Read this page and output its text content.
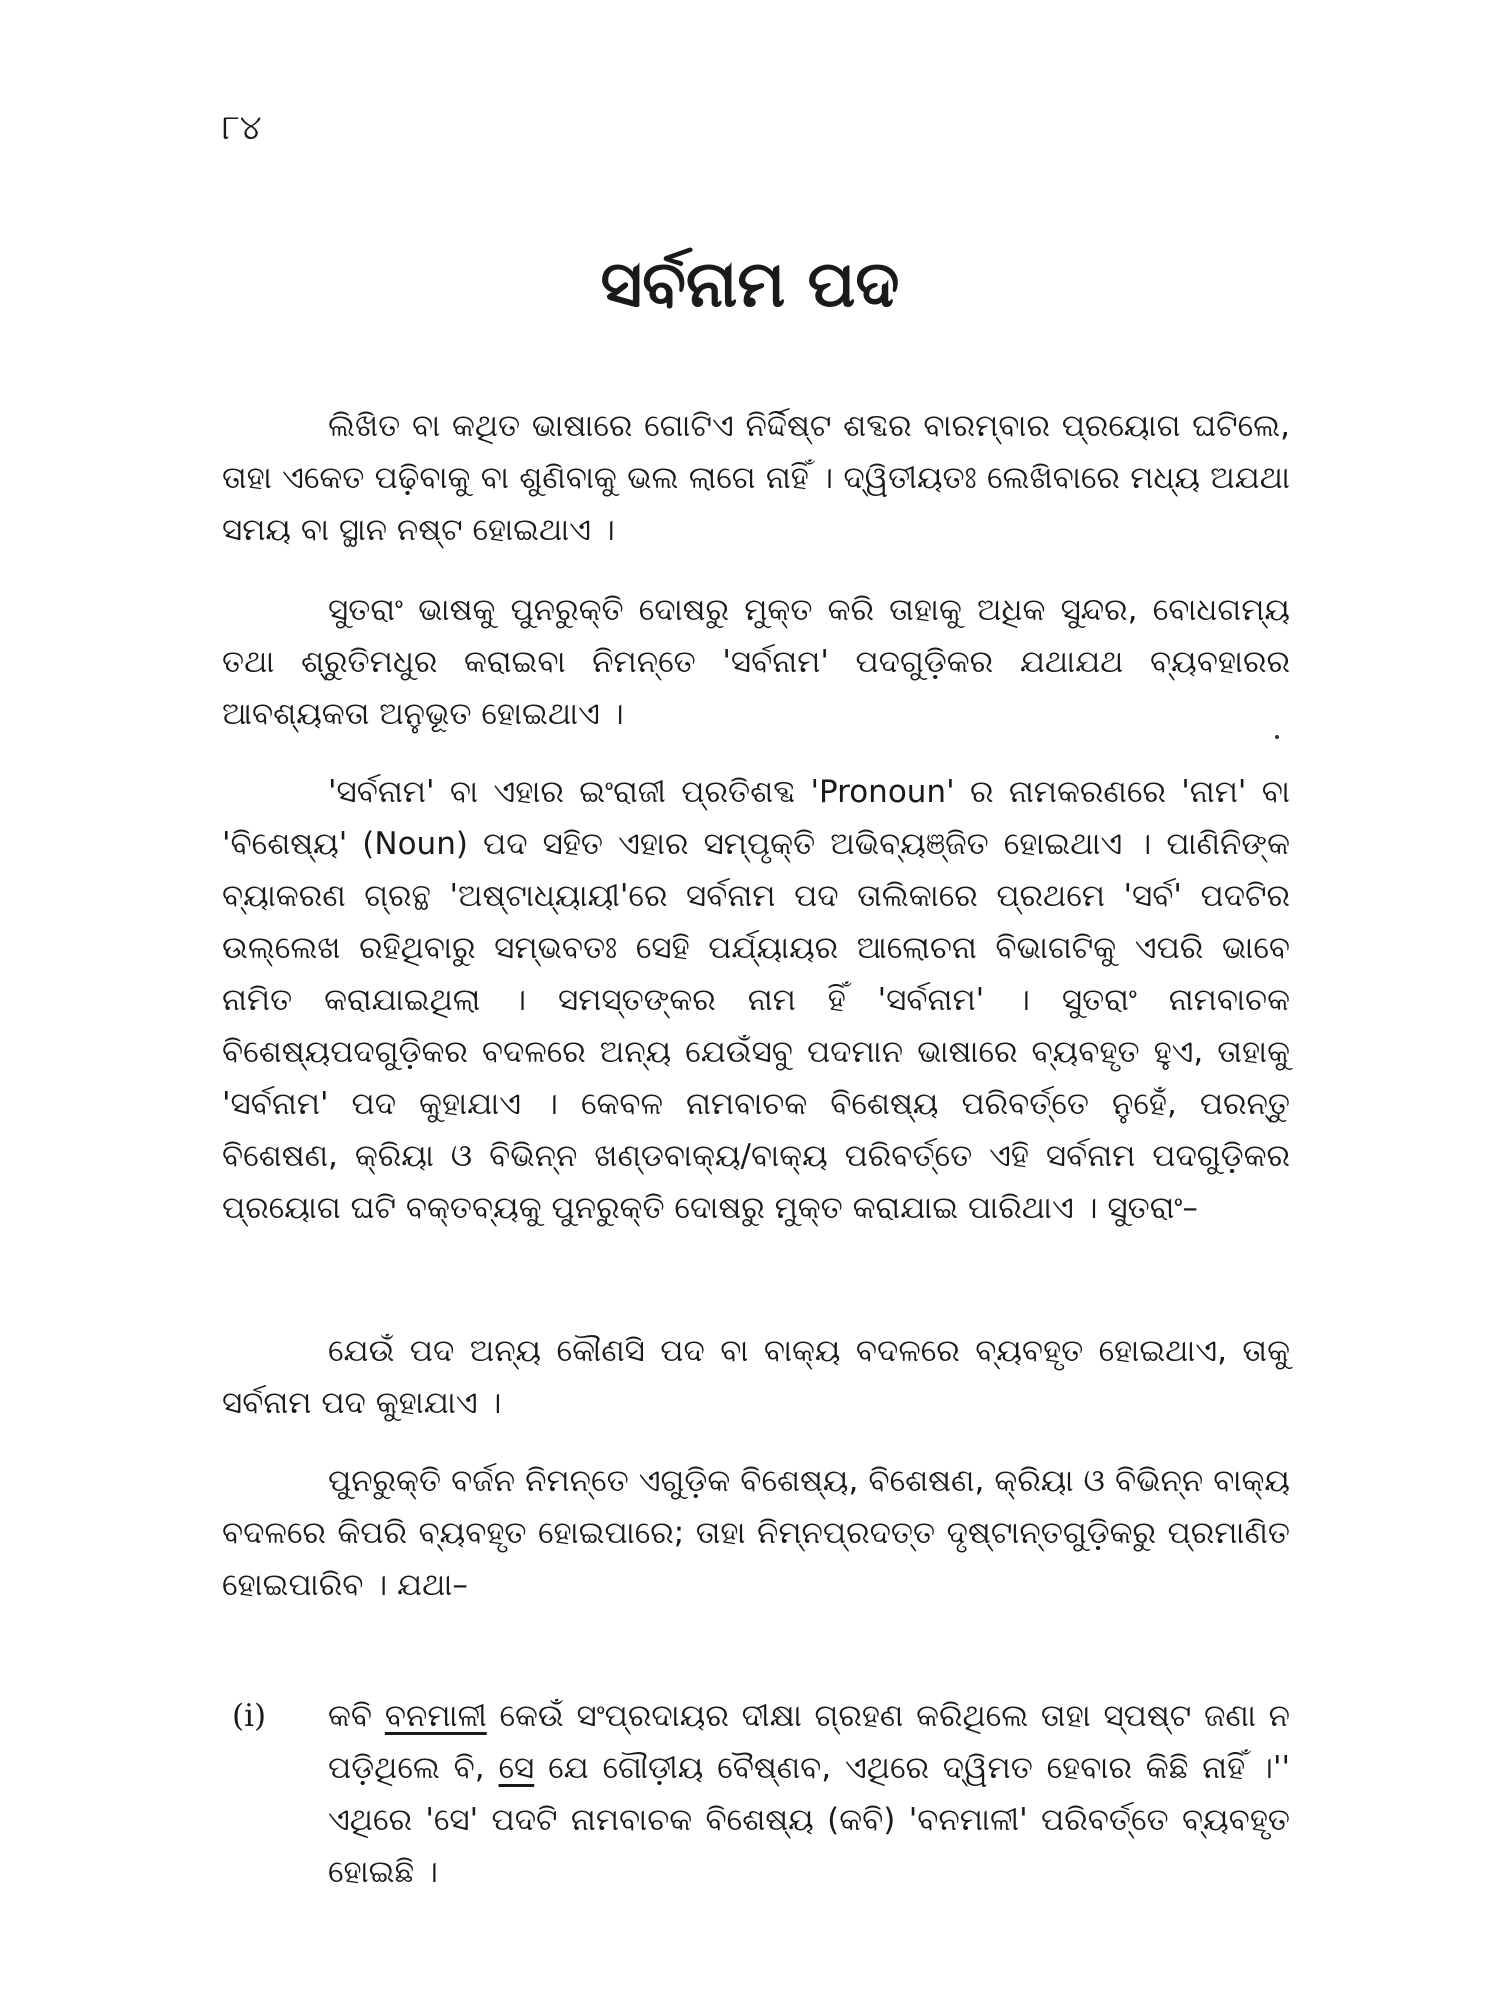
୮୪
ସର୍ବନାମ ପଦ

ଲିଖିତ ବା କଥିତ ଭାଷାରେ ଗୋଟିଏ ନିର୍ଦ୍ଦିଷ୍ଟ ଶବ୍ଦର ବାରମ୍ବାର ପ୍ରୟୋଗ ଘଟିଲେ, ତାହା ଏକେତ ପଢ଼ିବାକୁ ବା ଶୁଣିବାକୁ ଭଲ ଲାଗେ ନାହିଁ । ଦ୍ୱିତୀୟତଃ ଲେଖିବାରେ ମଧ୍ୟ ଅଯଥା ସମୟ ବା ସ୍ଥାନ ନଷ୍ଟ ହୋଇଥାଏ ।

ସୁତରାଂ ଭାଷକୁ ପୁନରୁକ୍ତି ଦୋଷରୁ ମୁକ୍ତ କରି ତାହାକୁ ଅଧିକ ସୁନ୍ଦର, ବୋଧଗମ୍ୟ ତଥା ଶ୍ରୁତିମଧୁର କରାଇବା ନିମନ୍ତେ 'ସର୍ବନାମ' ପଦଗୁଡ଼ିକର ଯଥାଯଥ ବ୍ୟବହାରର ଆବଶ୍ୟକତା ଅନୁଭୂତ ହୋଇଥାଏ ।

'ସର୍ବନାମ' ବା ଏହାର ଇଂରାଜୀ ପ୍ରତିଶବ୍ଦ 'Pronoun' ର ନାମକରଣରେ 'ନାମ' ବା 'ବିଶେଷ୍ୟ' (Noun) ପଦ ସହିତ ଏହାର ସମ୍ପୃକ୍ତି ଅଭିବ୍ୟଞ୍ଜିତ ହୋଇଥାଏ । ପାଣିନିଙ୍କ ବ୍ୟାକରଣ ଗ୍ରନ୍ଥ 'ଅଷ୍ଟାଧ୍ୟାୟୀ'ରେ ସର୍ବନାମ ପଦ ତାଲିକାରେ ପ୍ରଥମେ 'ସର୍ବ' ପଦଟିର ଉଲ୍ଲେଖ ରହିଥିବାରୁ ସମ୍ଭବତଃ ସେହି ପର୍ଯ୍ୟାୟର ଆଲୋଚନା ବିଭାଗଟିକୁ ଏପରି ଭାବେ ନାମିତ କରାଯାଇଥିଲା । ସମସ୍ତଙ୍କର ନାମ ହିଁ 'ସର୍ବନାମ' । ସୁତରାଂ ନାମବାଚକ ବିଶେଷ୍ୟପଦଗୁଡ଼ିକର ବଦଳରେ ଅନ୍ୟ ଯେଉଁସବୁ ପଦମାନ ଭାଷାରେ ବ୍ୟବହୃତ ହୁଏ, ତାହାକୁ 'ସର୍ବନାମ' ପଦ କୁହାଯାଏ । କେବଳ ନାମବାଚକ ବିଶେଷ୍ୟ ପରିବର୍ତ୍ତେ ନୁହେଁ, ପରନ୍ତୁ ବିଶେଷଣ, କ୍ରିୟା ଓ ବିଭିନ୍ନ ଖଣ୍ଡବାକ୍ୟ/ବାକ୍ୟ ପରିବର୍ତ୍ତେ ଏହି ସର୍ବନାମ ପଦଗୁଡ଼ିକର ପ୍ରୟୋଗ ଘଟି ବକ୍ତବ୍ୟକୁ ପୁନରୁକ୍ତି ଦୋଷରୁ ମୁକ୍ତ କରାଯାଇ ପାରିଥାଏ । ସୁତରାଂ–

ଯେଉଁ ପଦ ଅନ୍ୟ କୌଣସି ପଦ ବା ବାକ୍ୟ ବଦଳରେ ବ୍ୟବହୃତ ହୋଇଥାଏ, ତାକୁ ସର୍ବନାମ ପଦ କୁହାଯାଏ ।

ପୁନରୁକ୍ତି ବର୍ଜନ ନିମନ୍ତେ ଏଗୁଡ଼ିକ ବିଶେଷ୍ୟ, ବିଶେଷଣ, କ୍ରିୟା ଓ ବିଭିନ୍ନ ବାକ୍ୟ ବଦଳରେ କିପରି ବ୍ୟବହୃତ ହୋଇପାରେ; ତାହା ନିମ୍ନପ୍ରଦତ୍ତ ଦୃଷ୍ଟାନ୍ତଗୁଡ଼ିକରୁ ପ୍ରମାଣିତ ହୋଇପାରିବ । ଯଥା–

(i) କବି ବନମାଳୀ କେଉଁ ସଂପ୍ରଦାୟର ଦୀକ୍ଷା ଗ୍ରହଣ କରିଥିଲେ ତାହା ସ୍ପଷ୍ଟ ଜଣା ନ ପଡ଼ିଥିଲେ ବି, ସେ ଯେ ଗୌଡ଼ୀୟ ବୈଷ୍ଣବ, ଏଥିରେ ଦ୍ୱିମତ ହେବାର କିଛି ନାହିଁ ।'' ଏଥିରେ 'ସେ' ପଦଟି ନାମବାଚକ ବିଶେଷ୍ୟ (କବି) 'ବନମାଳୀ' ପରିବର୍ତ୍ତେ ବ୍ୟବହୃତ ହୋଇଛି ।
